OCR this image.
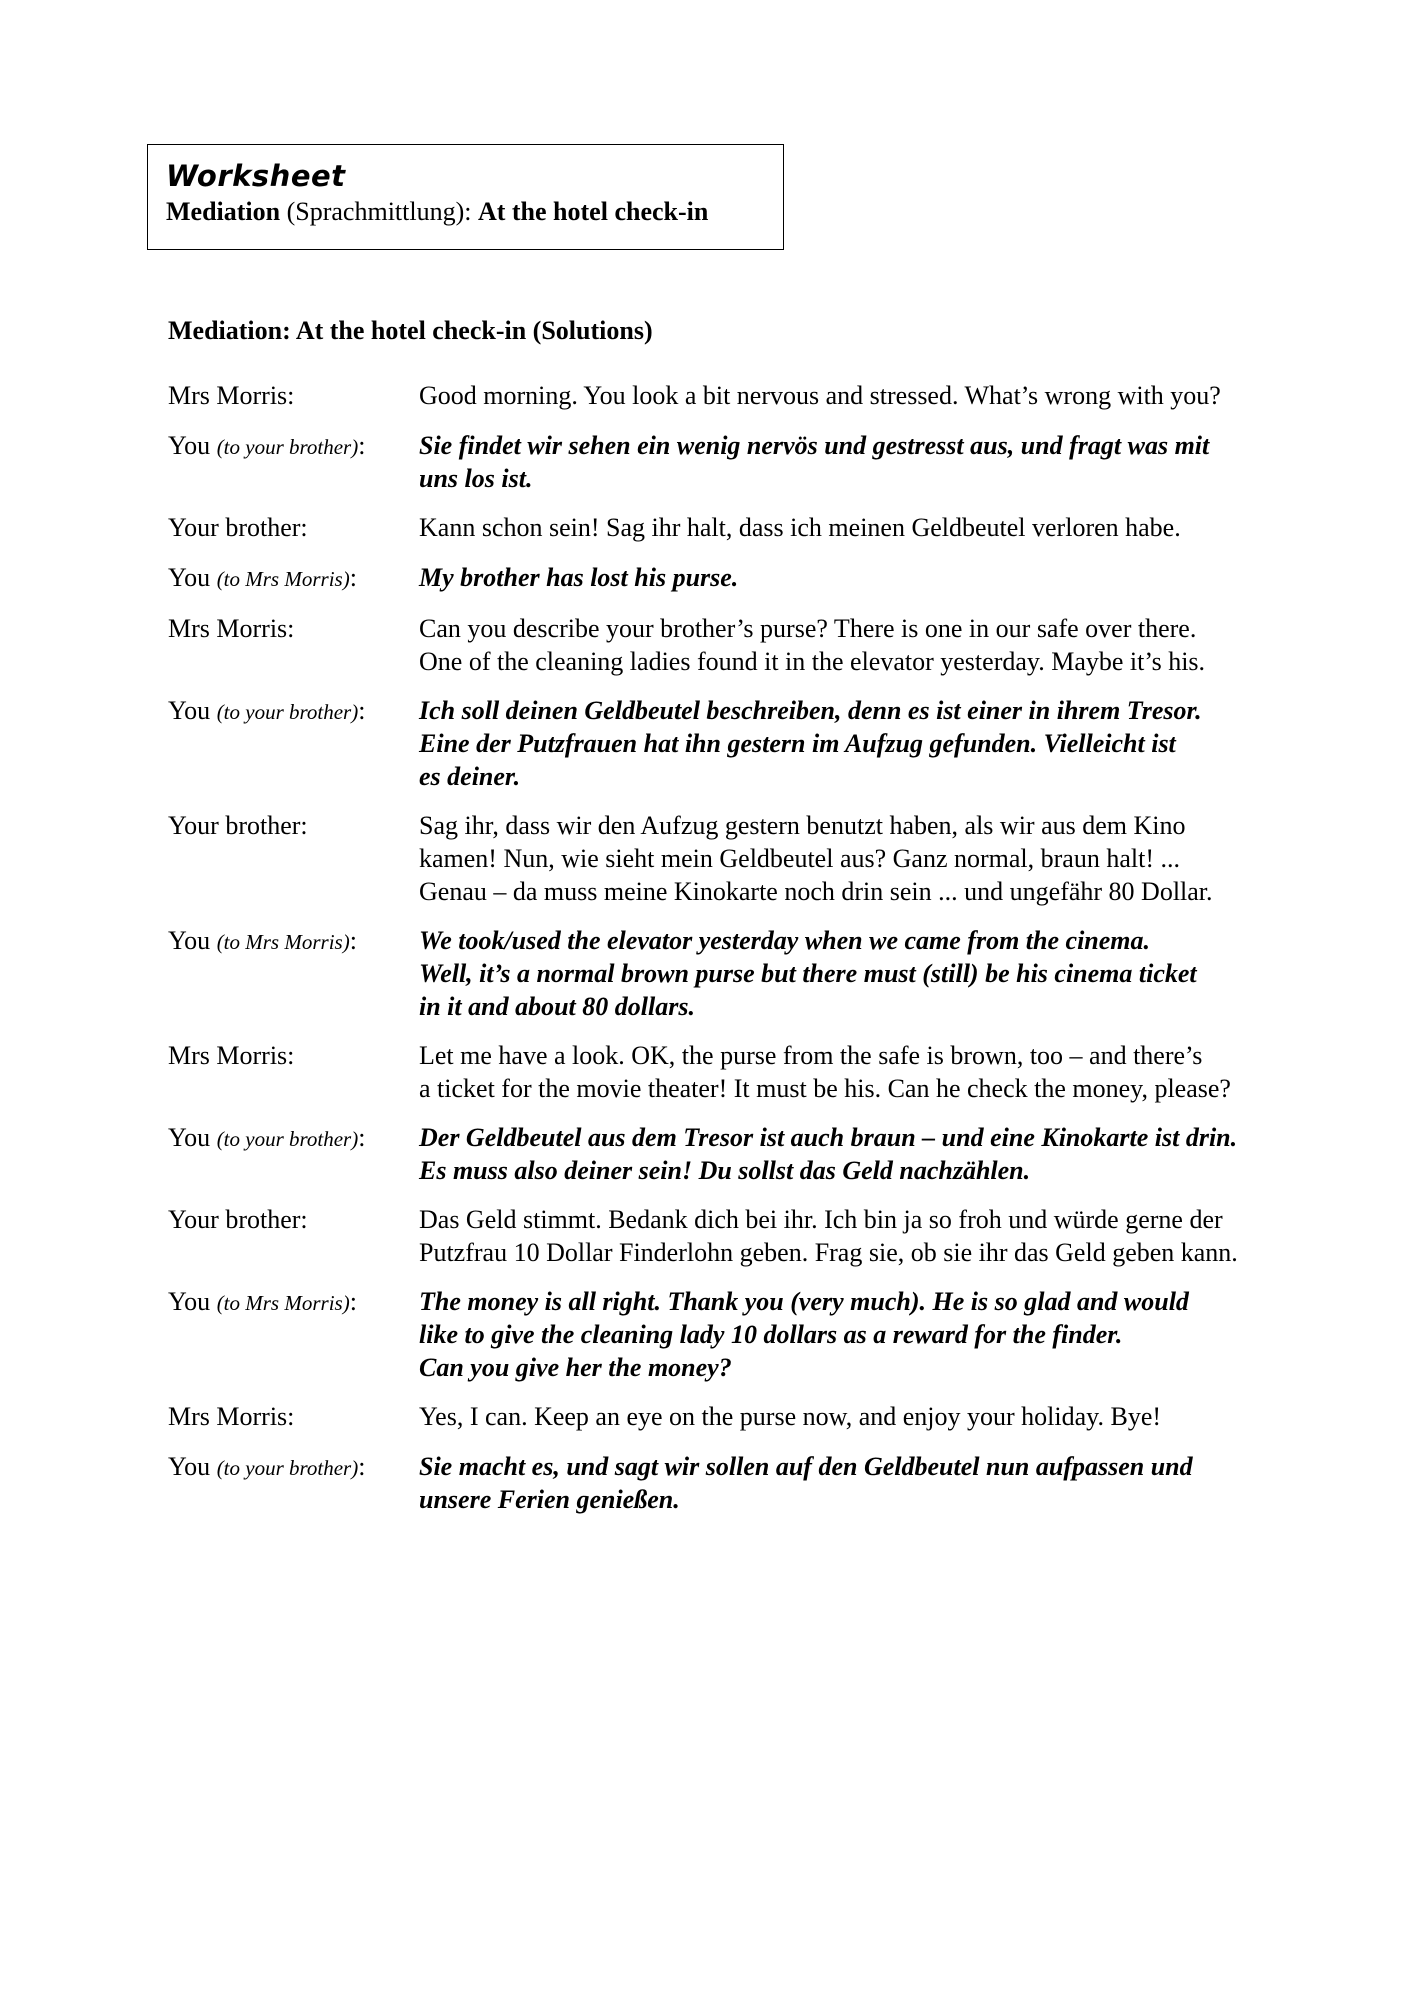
Worksheet
Mediation (Sprachmittlung): At the hotel check-in
Mediation: At the hotel check-in (Solutions)
Mrs Morris:	Good morning. You look a bit nervous and stressed. What’s wrong with you?
You (to your brother):	Sie findet wir sehen ein wenig nervös und gestresst aus, und fragt was mit
uns los ist.
Your brother:	Kann schon sein! Sag ihr halt, dass ich meinen Geldbeutel verloren habe.
You (to Mrs Morris):	My brother has lost his purse.
Mrs Morris:	Can you describe your brother’s purse? There is one in our safe over there.
One of the cleaning ladies found it in the elevator yesterday. Maybe it’s his.
You (to your brother):	Ich soll deinen Geldbeutel beschreiben, denn es ist einer in ihrem Tresor.
Eine der Putzfrauen hat ihn gestern im Aufzug gefunden. Vielleicht ist
es deiner.
Your brother:	Sag ihr, dass wir den Aufzug gestern benutzt haben, als wir aus dem Kino
kamen! Nun, wie sieht mein Geldbeutel aus? Ganz normal, braun halt! ...
Genau – da muss meine Kinokarte noch drin sein ... und ungefähr 80 Dollar.
You (to Mrs Morris):	We took/used the elevator yesterday when we came from the cinema.
Well, it’s a normal brown purse but there must (still) be his cinema ticket
in it and about 80 dollars.
Mrs Morris:	Let me have a look. OK, the purse from the safe is brown, too – and there’s
a ticket for the movie theater! It must be his. Can he check the money, please?
You (to your brother):	Der Geldbeutel aus dem Tresor ist auch braun – und eine Kinokarte ist drin.
Es muss also deiner sein! Du sollst das Geld nachzählen.
Your brother:	Das Geld stimmt. Bedank dich bei ihr. Ich bin ja so froh und würde gerne der
Putzfrau 10 Dollar Finderlohn geben. Frag sie, ob sie ihr das Geld geben kann.
You (to Mrs Morris):	The money is all right. Thank you (very much). He is so glad and would
like to give the cleaning lady 10 dollars as a reward for the finder.
Can you give her the money?
Mrs Morris:	Yes, I can. Keep an eye on the purse now, and enjoy your holiday. Bye!
You (to your brother):	Sie macht es, und sagt wir sollen auf den Geldbeutel nun aufpassen und
unsere Ferien genießen.
